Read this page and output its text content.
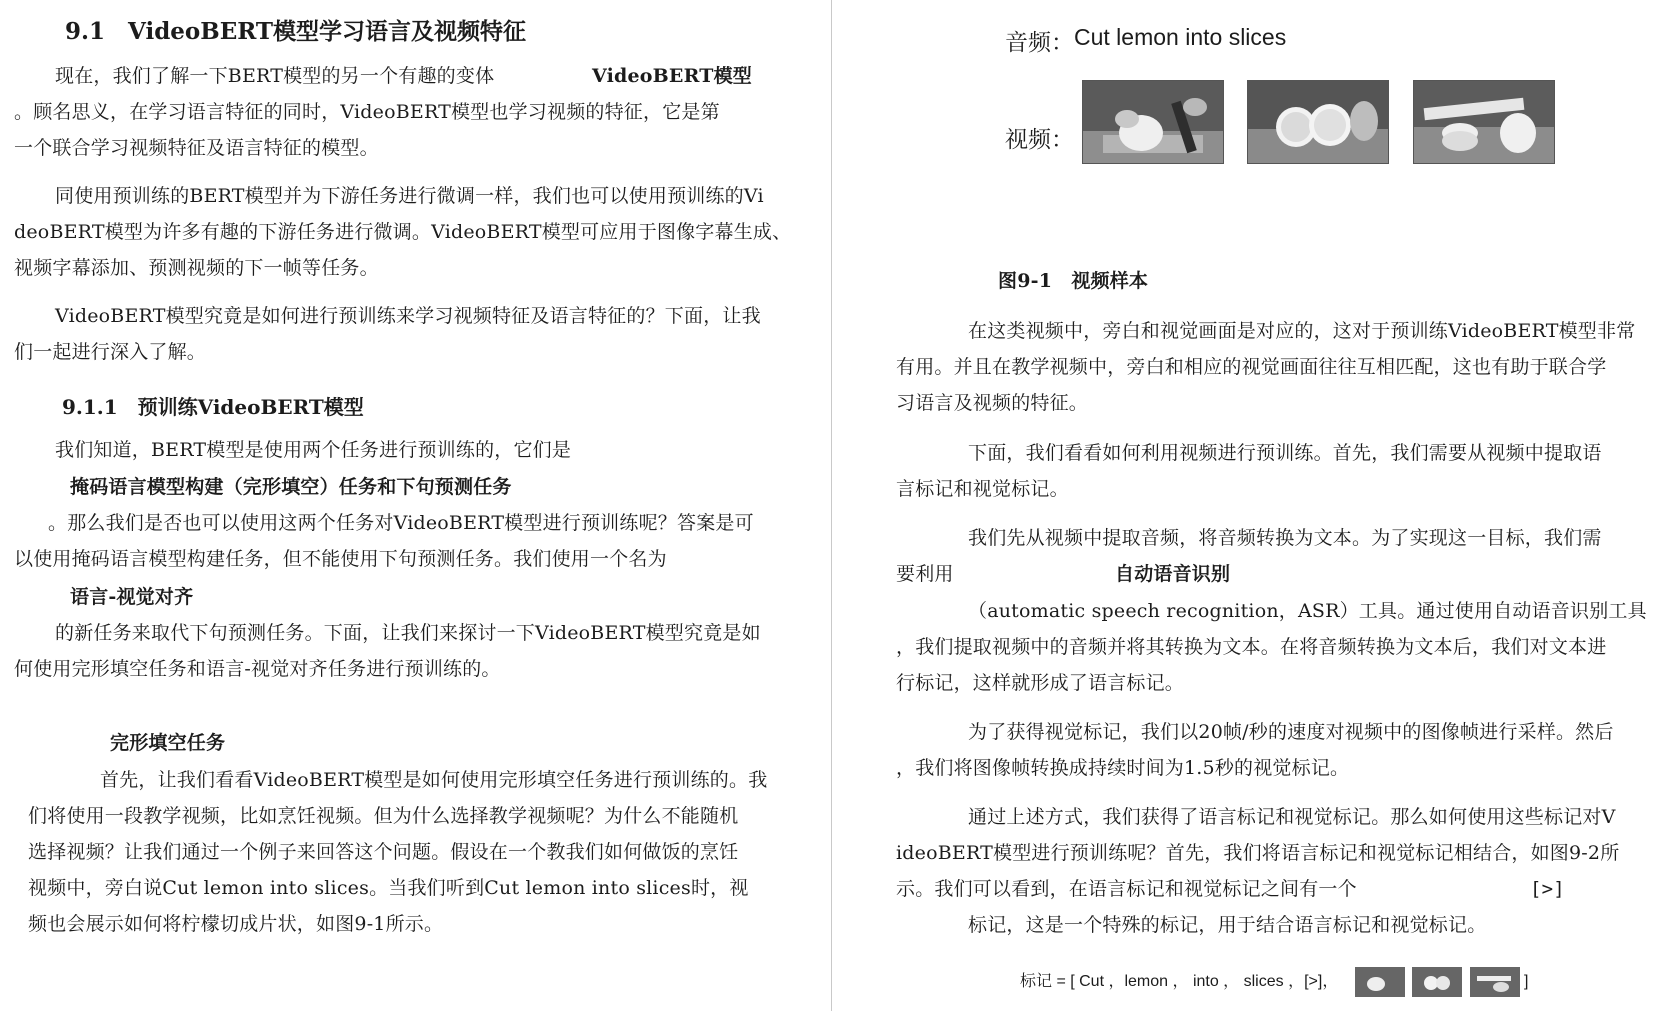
9.1　VideoBERT模型学习语言及视频特征
现在，我们了解一下BERT模型的另一个有趣的变体	VideoBERT模型
。顾名思义，在学习语言特征的同时，VideoBERT模型也学习视频的特征，它是第
一个联合学习视频特征及语言特征的模型。
同使用预训练的BERT模型并为下游任务进行微调一样，我们也可以使用预训练的Vi
deoBERT模型为许多有趣的下游任务进行微调。VideoBERT模型可应用于图像字幕生成、
视频字幕添加、预测视频的下一帧等任务。
VideoBERT模型究竟是如何进行预训练来学习视频特征及语言特征的？下面，让我
们一起进行深入了解。
9.1.1　预训练VideoBERT模型
我们知道，BERT模型是使用两个任务进行预训练的，它们是
掩码语言模型构建（完形填空）任务和下句预测任务
。那么我们是否也可以使用这两个任务对VideoBERT模型进行预训练呢？答案是可
以使用掩码语言模型构建任务，但不能使用下句预测任务。我们使用一个名为
语言-视觉对齐
的新任务来取代下句预测任务。下面，让我们来探讨一下VideoBERT模型究竟是如
何使用完形填空任务和语言-视觉对齐任务进行预训练的。
完形填空任务
首先，让我们看看VideoBERT模型是如何使用完形填空任务进行预训练的。我
们将使用一段教学视频，比如烹饪视频。但为什么选择教学视频呢？为什么不能随机
选择视频？让我们通过一个例子来回答这个问题。假设在一个教我们如何做饭的烹饪
视频中，旁白说Cut lemon into slices。当我们听到Cut lemon into slices时，视
频也会展示如何将柠檬切成片状，如图9-1所示。
音频： Cut lemon into slices
视频：
图9-1　视频样本
在这类视频中，旁白和视觉画面是对应的，这对于预训练VideoBERT模型非常
有用。并且在教学视频中，旁白和相应的视觉画面往往互相匹配，这也有助于联合学
习语言及视频的特征。
下面，我们看看如何利用视频进行预训练。首先，我们需要从视频中提取语
言标记和视觉标记。
我们先从视频中提取音频，将音频转换为文本。为了实现这一目标，我们需
要利用	自动语音识别
（automatic speech recognition，ASR）工具。通过使用自动语音识别工具
，我们提取视频中的音频并将其转换为文本。在将音频转换为文本后，我们对文本进
行标记，这样就形成了语言标记。
为了获得视觉标记，我们以20帧/秒的速度对视频中的图像帧进行采样。然后
，我们将图像帧转换成持续时间为1.5秒的视觉标记。
通过上述方式，我们获得了语言标记和视觉标记。那么如何使用这些标记对V
ideoBERT模型进行预训练呢？首先，我们将语言标记和视觉标记相结合，如图9-2所
示。我们可以看到，在语言标记和视觉标记之间有一个	[>]
标记，这是一个特殊的标记，用于结合语言标记和视觉标记。
标记 = [ Cut ，lemon ， into ， slices ，[>]，	]
